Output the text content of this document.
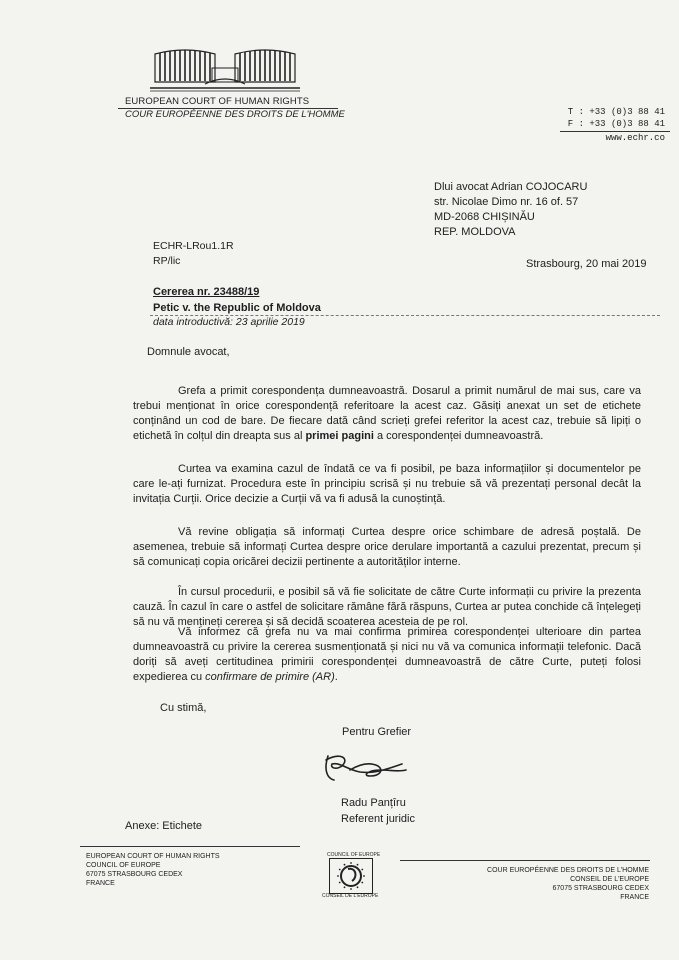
EUROPEAN COURT OF HUMAN RIGHTS
COUR EUROPÉENNE DES DROITS DE L'HOMME	T : +33 (0)3 88 41
F : +33 (0)3 88 41
www.echr.co
Dlui avocat Adrian COJOCARU
str. Nicolae Dimo nr. 16 of. 57
MD-2068 CHIȘINĂU
REP. MOLDOVA
ECHR-LRou1.1R
RP/lic	Strasbourg, 20 mai 2019
Cererea nr. 23488/19
Petic v. the Republic of Moldova
data introductivă: 23 aprilie 2019
Domnule avocat,
Grefa a primit corespondența dumneavoastră. Dosarul a primit numărul de mai sus, care va trebui menționat în orice corespondență referitoare la acest caz. Găsiți anexat un set de etichete conținând un cod de bare. De fiecare dată când scrieți grefei referitor la acest caz, trebuie să lipiți o etichetă în colțul din dreapta sus al primei pagini a corespondenței dumneavoastră.
Curtea va examina cazul de îndată ce va fi posibil, pe baza informațiilor și documentelor pe care le-ați furnizat. Procedura este în principiu scrisă și nu trebuie să vă prezentați personal decât la invitația Curții. Orice decizie a Curții vă va fi adusă la cunoștință.
Vă revine obligația să informați Curtea despre orice schimbare de adresă poștală. De asemenea, trebuie să informați Curtea despre orice derulare importantă a cazului prezentat, precum și să comunicați copia oricărei decizii pertinente a autorităților interne.
În cursul procedurii, e posibil să vă fie solicitate de către Curte informații cu privire la prezenta cauză. În cazul în care o astfel de solicitare rămâne fără răspuns, Curtea ar putea conchide că înțelegeți să nu vă mențineți cererea și să decidă scoaterea acesteia de pe rol.
Vă informez că grefa nu va mai confirma primirea corespondenței ulterioare din partea dumneavoastră cu privire la cererea susmenționată și nici nu vă va comunica informații telefonic. Dacă doriți să aveți certitudinea primirii corespondenței dumneavoastră de către Curte, puteți folosi expedierea cu confirmare de primire (AR).
Cu stimă,
Pentru Grefier
Radu Panțîru
Referent juridic
Anexe: Etichete
EUROPEAN COURT OF HUMAN RIGHTS
COUNCIL OF EUROPE
67075 STRASBOURG CEDEX
FRANCE
COUNCIL OF EUROPE
CONSEIL DE L'EUROPE
COUR EUROPÉENNE DES DROITS DE L'HOMME
CONSEIL DE L'EUROPE
67075 STRASBOURG CEDEX
FRANCE
